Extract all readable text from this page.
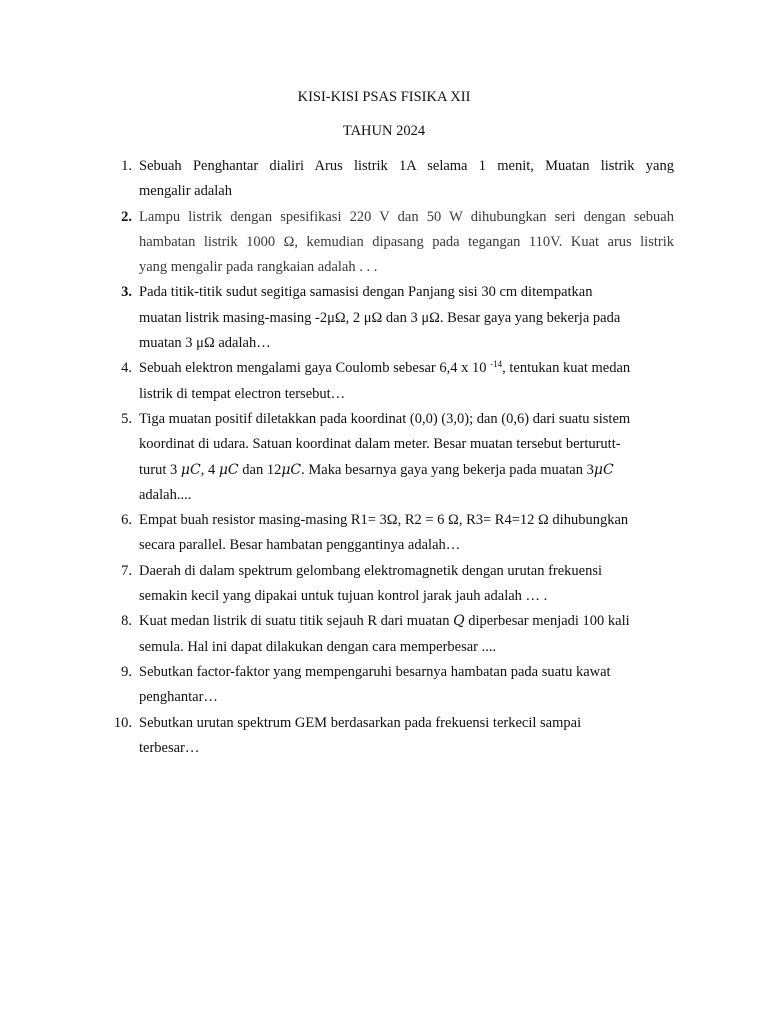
KISI-KISI PSAS FISIKA XII
TAHUN 2024
1. Sebuah Penghantar dialiri Arus listrik 1A selama 1 menit, Muatan listrik yang
mengalir adalah
2. Lampu listrik dengan spesifikasi 220 V dan 50 W dihubungkan seri dengan sebuah
hambatan listrik 1000 Ω, kemudian dipasang pada tegangan 110V. Kuat arus listrik
yang mengalir pada rangkaian adalah . . .
3. Pada titik-titik sudut segitiga samasisi dengan Panjang sisi 30 cm ditempatkan
muatan listrik masing-masing -2μΩ, 2 μΩ dan 3 μΩ. Besar gaya yang bekerja pada
muatan 3 μΩ adalah…
4. Sebuah elektron mengalami gaya Coulomb sebesar 6,4 x 10 $^{-14}$, tentukan kuat medan
listrik di tempat electron tersebut…
5. Tiga muatan positif diletakkan pada koordinat (0,0) (3,0); dan (0,6) dari suatu sistem
koordinat di udara. Satuan koordinat dalam meter. Besar muatan tersebut berturutt-
turut 3 μC, 4 μC dan 12μC. Maka besarnya gaya yang bekerja pada muatan 3μC
adalah....
6. Empat buah resistor masing-masing R1= 3Ω, R2 = 6 Ω, R3= R4=12 Ω dihubungkan
secara parallel. Besar hambatan penggantinya adalah…
7. Daerah di dalam spektrum gelombang elektromagnetik dengan urutan frekuensi
semakin kecil yang dipakai untuk tujuan kontrol jarak jauh adalah … .
8. Kuat medan listrik di suatu titik sejauh R dari muatan Q diperbesar menjadi 100 kali
semula. Hal ini dapat dilakukan dengan cara memperbesar ....
9. Sebutkan factor-faktor yang mempengaruhi besarnya hambatan pada suatu kawat
penghantar…
10. Sebutkan urutan spektrum GEM berdasarkan pada frekuensi terkecil sampai
terbesar…
